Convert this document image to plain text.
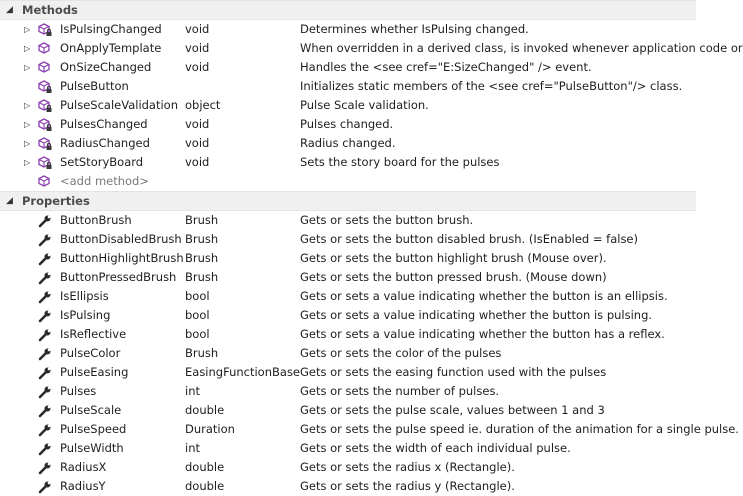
◢ Methods
▷	IsPulsingChanged void	Determines whether IsPulsing changed.
▷	OnApplyTemplate void	When overridden in a derived class, is invoked whenever application code or
▷	OnSizeChanged	void	Handles the <see cref="E:SizeChanged" /> event.
PulseButton	Initializes static members of the <see cref="PulseButton"/> class.
▷	PulseScaleValidation object	Pulse Scale validation.
▷	PulsesChanged	void	Pulses changed.
▷	RadiusChanged	void	Radius changed.
▷	SetStoryBoard	void	Sets the story board for the pulses
<add method>
◢ Properties
ButtonBrush	Brush	Gets or sets the button brush.
ButtonDisabledBrush Brush	Gets or sets the button disabled brush. (IsEnabled = false)
ButtonHighlightBrush Brush	Gets or sets the button highlight brush (Mouse over).
ButtonPressedBrush Brush	Gets or sets the button pressed brush. (Mouse down)
IsEllipsis	bool	Gets or sets a value indicating whether the button is an ellipsis.
IsPulsing	bool	Gets or sets a value indicating whether the button is pulsing.
IsReflective	bool	Gets or sets a value indicating whether the button has a reflex.
PulseColor	Brush	Gets or sets the color of the pulses
PulseEasing	EasingFunctionBase Gets or sets the easing function used with the pulses
Pulses	int	Gets or sets the number of pulses.
PulseScale	double	Gets or sets the pulse scale, values between 1 and 3
PulseSpeed	Duration	Gets or sets the pulse speed ie. duration of the animation for a single pulse.
PulseWidth	int	Gets or sets the width of each individual pulse.
RadiusX	double	Gets or sets the radius x (Rectangle).
RadiusY	double	Gets or sets the radius y (Rectangle).
